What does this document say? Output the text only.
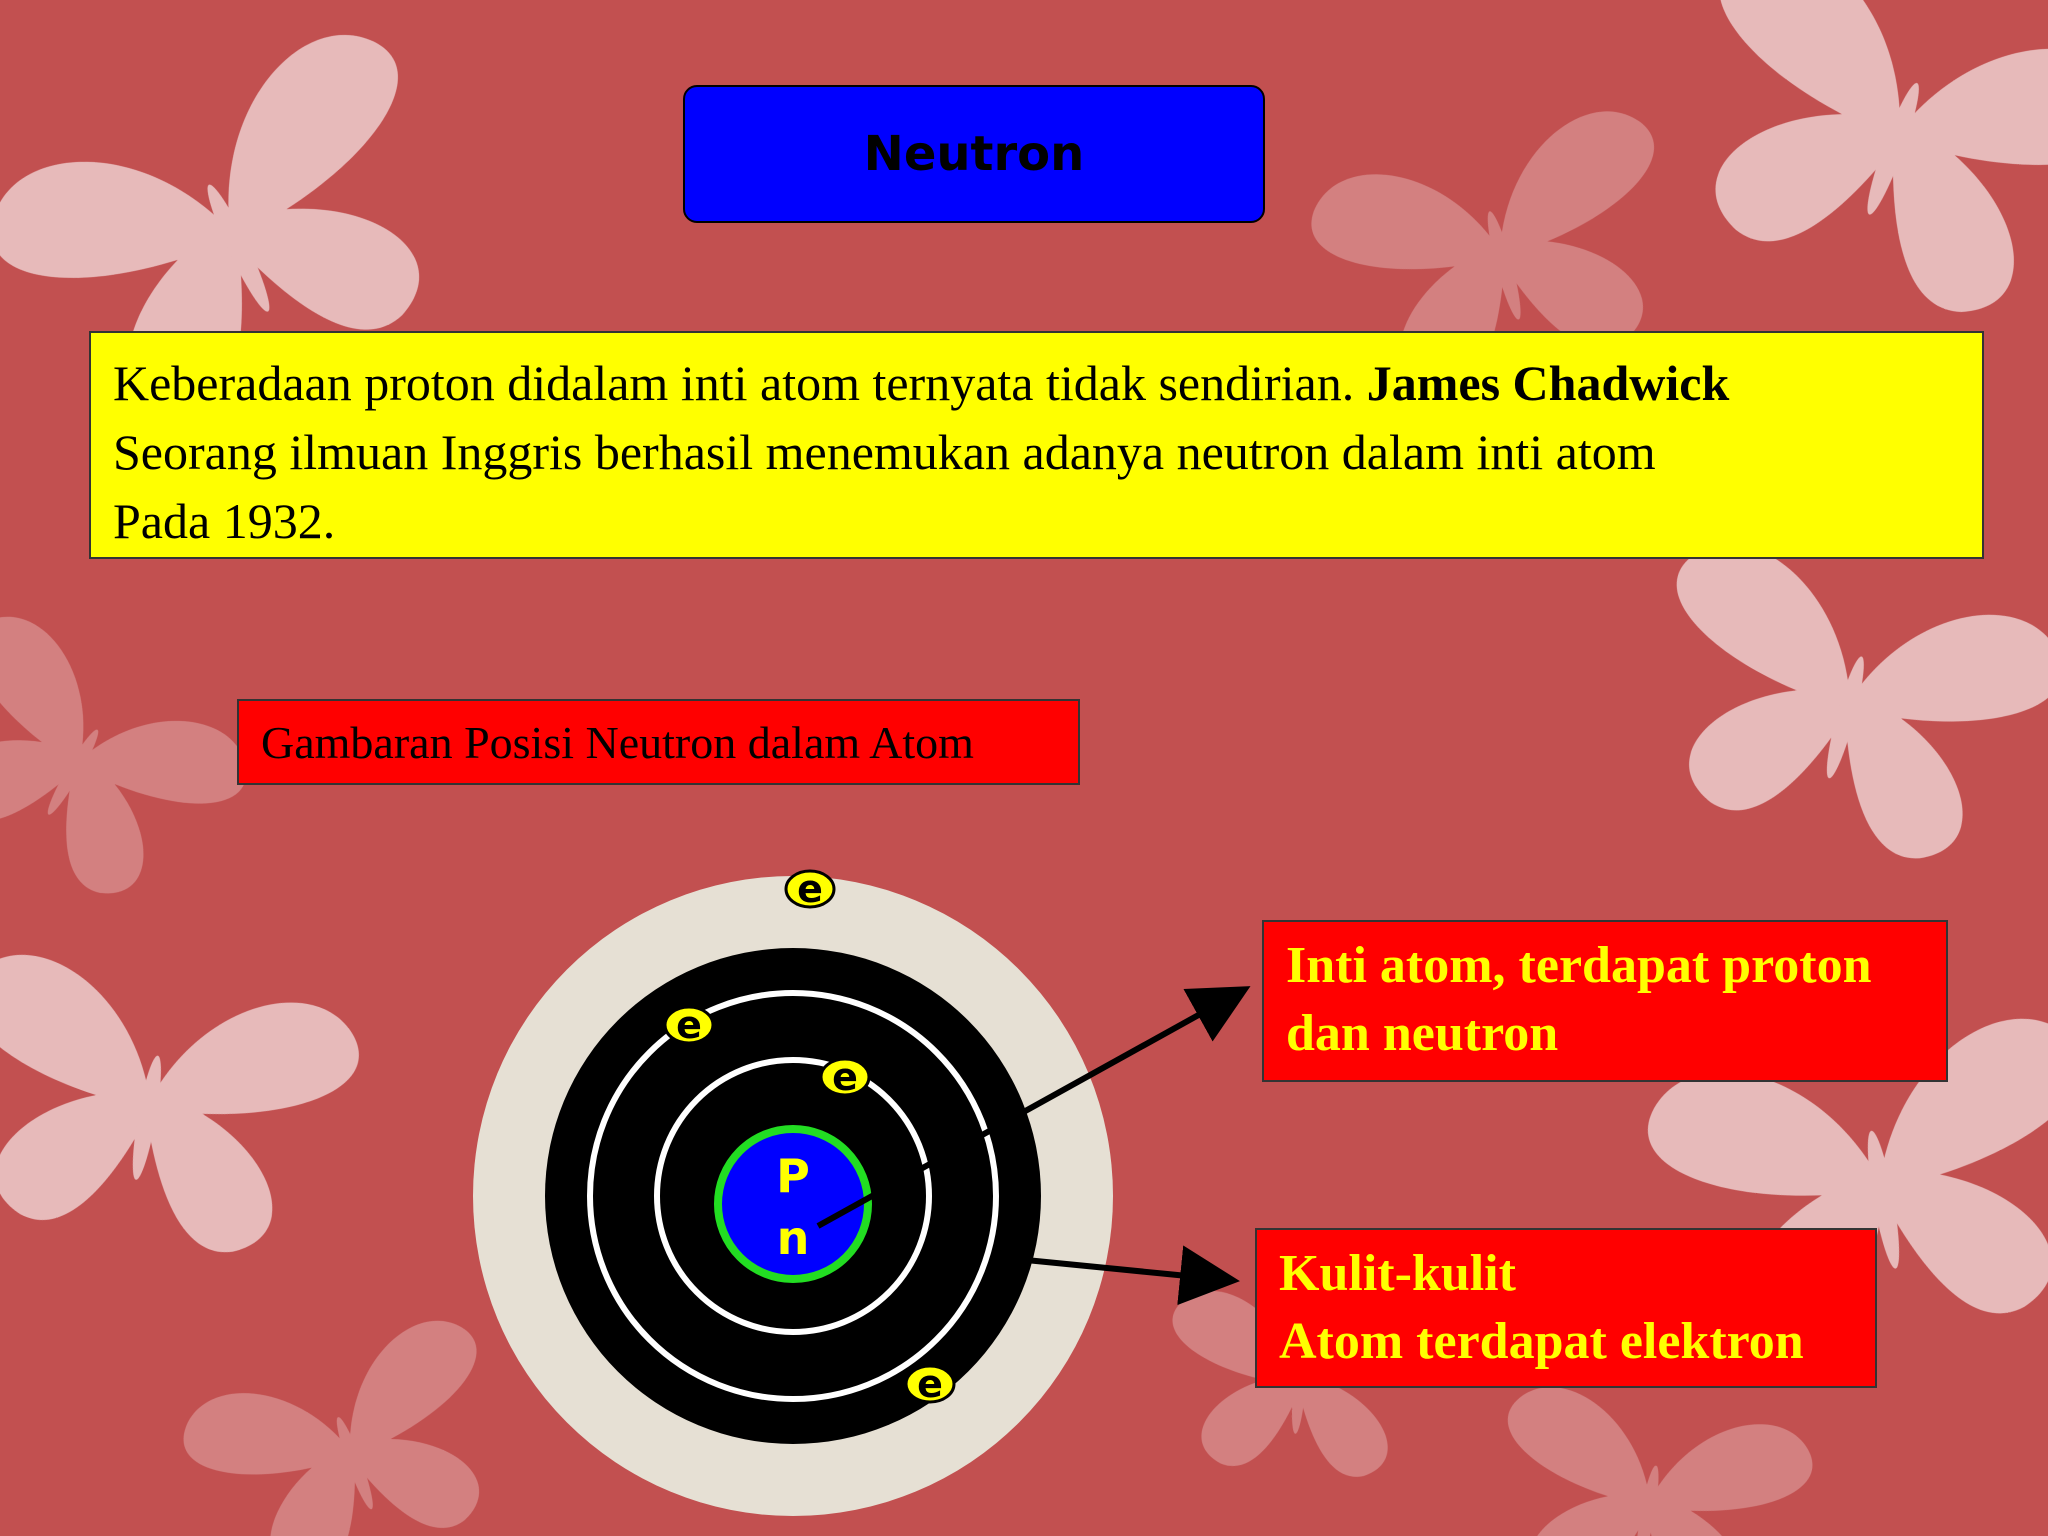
Neutron
Keberadaan proton didalam inti atom ternyata tidak sendirian. James Chadwick
Seorang ilmuan Inggris berhasil menemukan adanya neutron dalam inti atom
Pada 1932.
Gambaran Posisi Neutron dalam Atom
P
n
e
e
e
e
Inti atom, terdapat proton
dan neutron
Kulit-kulit
Atom terdapat elektron
